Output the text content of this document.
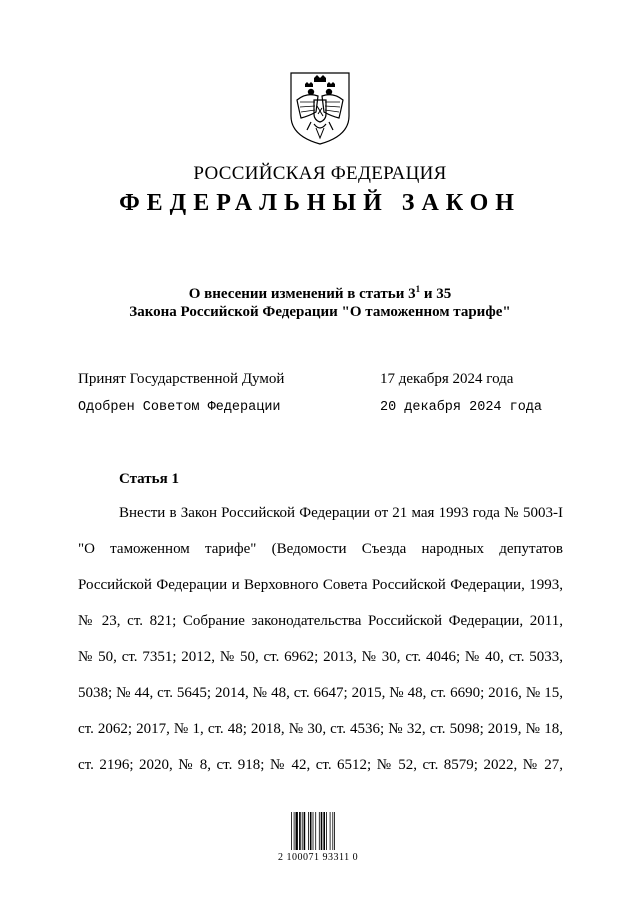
РОССИЙСКАЯ ФЕДЕРАЦИЯ
ФЕДЕРАЛЬНЫЙ ЗАКОН
О внесении изменений в статьи $3^1$ и 35
Закона Российской Федерации "О таможенном тарифе"
Принят Государственной Думой	17 декабря 2024 года
Одобрен Советом Федерации	20 декабря 2024 года
Статья 1
Внести в Закон Российской Федерации от 21 мая 1993 года № 5003-I
"О таможенном тарифе" (Ведомости Съезда народных депутатов
Российской Федерации и Верховного Совета Российской Федерации, 1993,
№ 23, ст. 821; Собрание законодательства Российской Федерации, 2011,
№ 50, ст. 7351; 2012, № 50, ст. 6962; 2013, № 30, ст. 4046; № 40, ст. 5033,
5038; № 44, ст. 5645; 2014, № 48, ст. 6647; 2015, № 48, ст. 6690; 2016, № 15,
ст. 2062; 2017, № 1, ст. 48; 2018, № 30, ст. 4536; № 32, ст. 5098; 2019, № 18,
ст. 2196; 2020, № 8, ст. 918; № 42, ст. 6512; № 52, ст. 8579; 2022, № 27,
2 100071 93311 0
